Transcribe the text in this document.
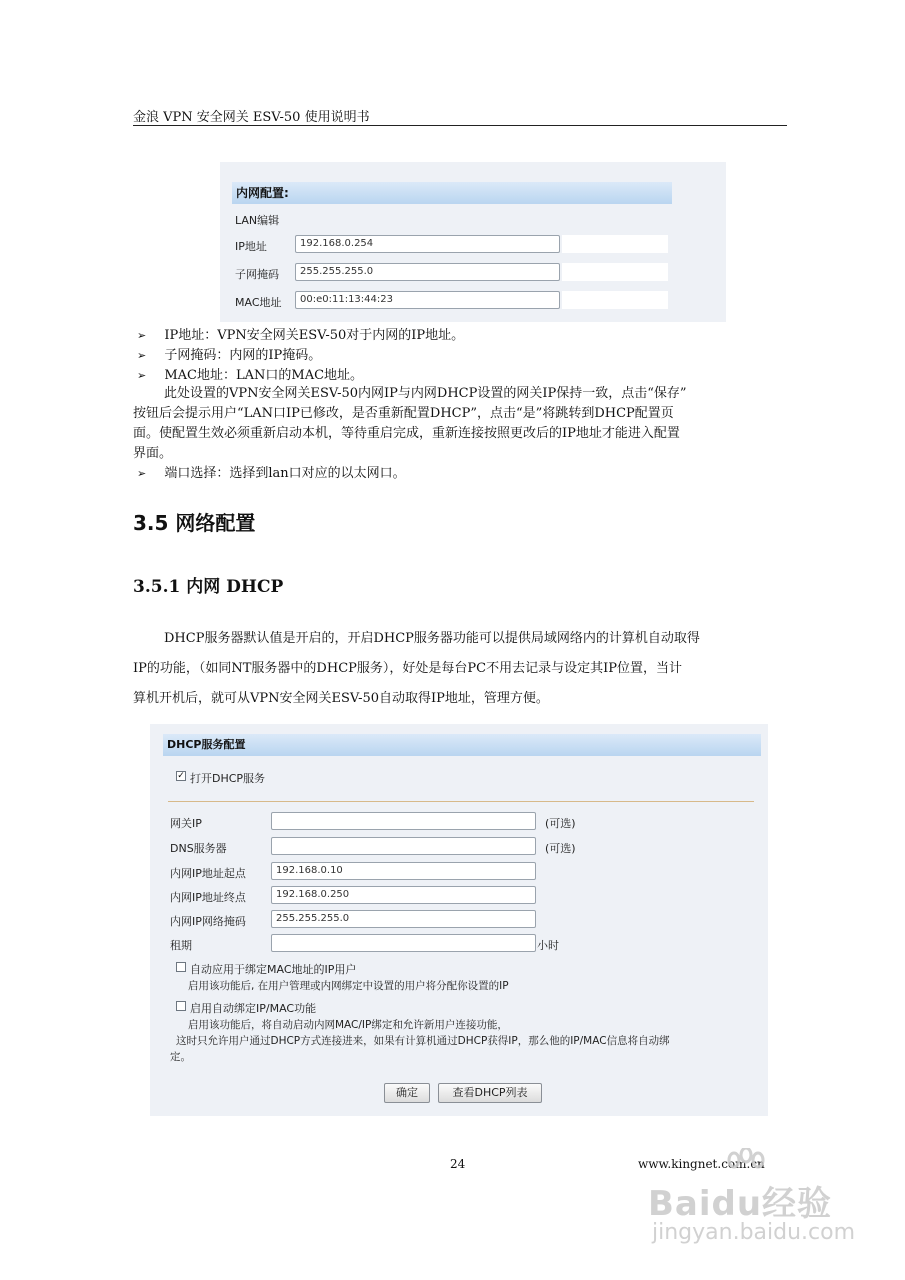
金浪 VPN 安全网关 ESV-50 使用说明书
内网配置:
LAN编辑
IP地址	192.168.0.254
子网掩码	255.255.255.0
MAC地址	00:e0:11:13:44:23
➢ IP地址：VPN安全网关ESV-50对于内网的IP地址。
➢ 子网掩码：内网的IP掩码。
➢ MAC地址：LAN口的MAC地址。
此处设置的VPN安全网关ESV-50内网IP与内网DHCP设置的网关IP保持一致，点击“保存”
按钮后会提示用户“LAN口IP已修改，是否重新配置DHCP”，点击“是”将跳转到DHCP配置页
面。使配置生效必须重新启动本机，等待重启完成，重新连接按照更改后的IP地址才能进入配置
界面。
➢ 端口选择：选择到lan口对应的以太网口。
3.5 网络配置
3.5.1 内网 DHCP
DHCP服务器默认值是开启的，开启DHCP服务器功能可以提供局域网络内的计算机自动取得
IP的功能，（如同NT服务器中的DHCP服务），好处是每台PC不用去记录与设定其IP位置，当计
算机开机后，就可从VPN安全网关ESV-50自动取得IP地址，管理方便。
DHCP服务配置
✓ 打开DHCP服务
网关IP	(可选)
DNS服务器	(可选)
内网IP地址起点	192.168.0.10
内网IP地址终点	192.168.0.250
内网IP网络掩码	255.255.255.0
租期	小时
自动应用于绑定MAC地址的IP用户
启用该功能后, 在用户管理或内网绑定中设置的用户将分配你设置的IP
启用自动绑定IP/MAC功能
启用该功能后，将自动启动内网MAC/IP绑定和允许新用户连接功能，
这时只允许用户通过DHCP方式连接进来，如果有计算机通过DHCP获得IP，那么他的IP/MAC信息将自动绑
定。
确定	查看DHCP列表
24	www.kingnet.com.cn
Baidu经验
jingyan.baidu.com
